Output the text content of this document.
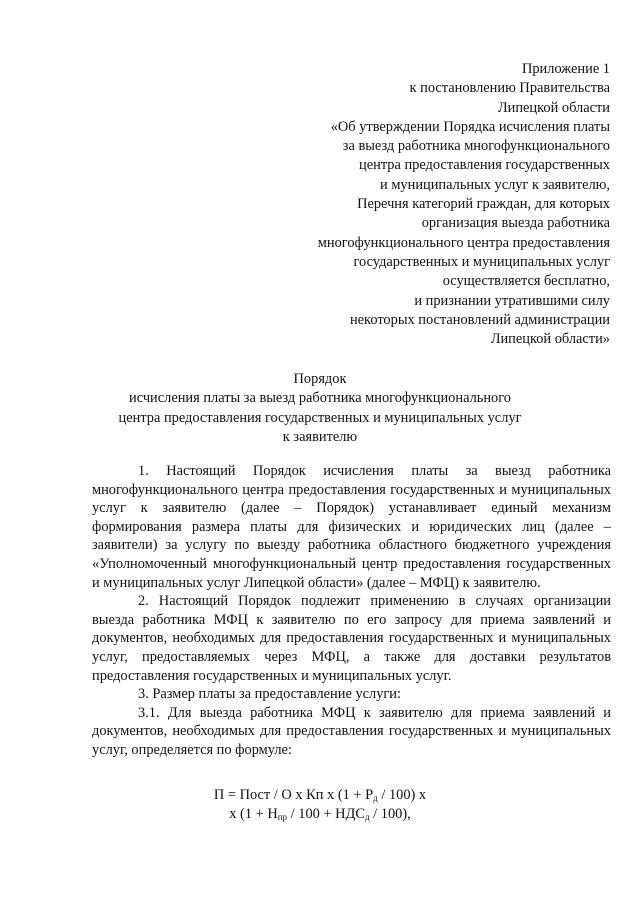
Приложение 1
к постановлению Правительства
Липецкой области
«Об утверждении Порядка исчисления платы
за выезд работника многофункционального
центра предоставления государственных
и муниципальных услуг к заявителю,
Перечня категорий граждан, для которых
организация выезда работника
многофункционального центра предоставления
государственных и муниципальных услуг
осуществляется бесплатно,
и признании утратившими силу
некоторых постановлений администрации
Липецкой области»
Порядок
исчисления платы за выезд работника многофункционального
центра предоставления государственных и муниципальных услуг
к заявителю

1. Настоящий Порядок исчисления платы за выезд работника многофункционального центра предоставления государственных и муниципальных услуг к заявителю (далее – Порядок) устанавливает единый механизм формирования размера платы для физических и юридических лиц (далее – заявители) за услугу по выезду работника областного бюджетного учреждения «Уполномоченный многофункциональный центр предоставления государственных и муниципальных услуг Липецкой области» (далее – МФЦ) к заявителю.

2. Настоящий Порядок подлежит применению в случаях организации выезда работника МФЦ к заявителю по его запросу для приема заявлений и документов, необходимых для предоставления государственных и муниципальных услуг, предоставляемых через МФЦ, а также для доставки результатов предоставления государственных и муниципальных услуг.

3. Размер платы за предоставление услуги:

3.1. Для выезда работника МФЦ к заявителю для приема заявлений и документов, необходимых для предоставления государственных и муниципальных услуг, определяется по формуле:

П = Пост / О х Кп х $(1 + Р_д / 100)$ х
х $(1 + Н_{пр} / 100 + НДС_д / 100)$,
